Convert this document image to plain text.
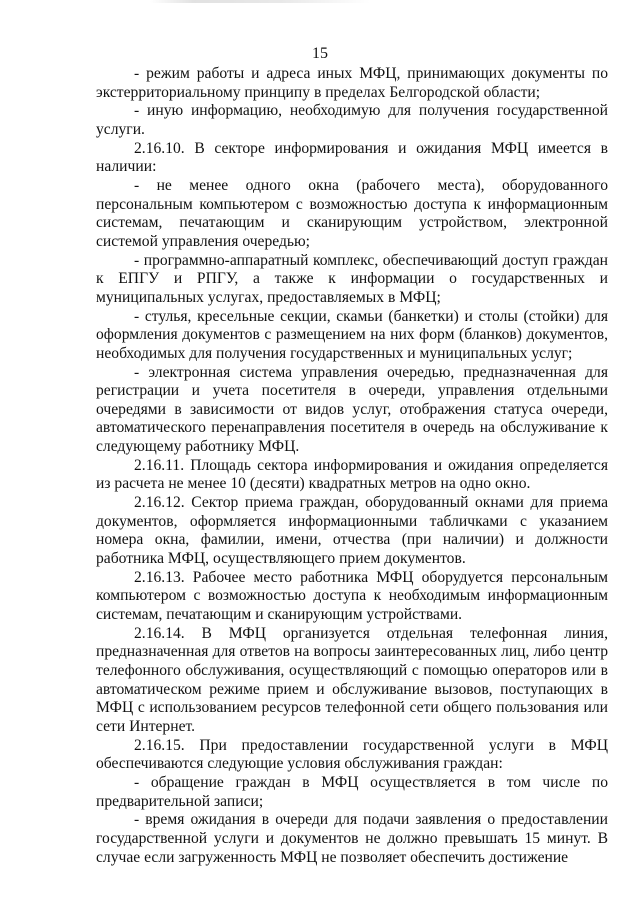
15

- режим работы и адреса иных МФЦ, принимающих документы по экстерриториальному принципу в пределах Белгородской области;

- иную информацию, необходимую для получения государственной услуги.

2.16.10. В секторе информирования и ожидания МФЦ имеется в наличии:

- не менее одного окна (рабочего места), оборудованного персональным компьютером с возможностью доступа к информационным системам, печатающим и сканирующим устройством, электронной системой управления очередью;

- программно-аппаратный комплекс, обеспечивающий доступ граждан к ЕПГУ и РПГУ, а также к информации о государственных и муниципальных услугах, предоставляемых в МФЦ;

- стулья, кресельные секции, скамьи (банкетки) и столы (стойки) для оформления документов с размещением на них форм (бланков) документов, необходимых для получения государственных и муниципальных услуг;

- электронная система управления очередью, предназначенная для регистрации и учета посетителя в очереди, управления отдельными очередями в зависимости от видов услуг, отображения статуса очереди, автоматического перенаправления посетителя в очередь на обслуживание к следующему работнику МФЦ.

2.16.11. Площадь сектора информирования и ожидания определяется из расчета не менее 10 (десяти) квадратных метров на одно окно.

2.16.12. Сектор приема граждан, оборудованный окнами для приема документов, оформляется информационными табличками с указанием номера окна, фамилии, имени, отчества (при наличии) и должности работника МФЦ, осуществляющего прием документов.

2.16.13. Рабочее место работника МФЦ оборудуется персональным компьютером с возможностью доступа к необходимым информационным системам, печатающим и сканирующим устройствами.

2.16.14. В МФЦ организуется отдельная телефонная линия, предназначенная для ответов на вопросы заинтересованных лиц, либо центр телефонного обслуживания, осуществляющий с помощью операторов или в автоматическом режиме прием и обслуживание вызовов, поступающих в МФЦ с использованием ресурсов телефонной сети общего пользования или сети Интернет.

2.16.15. При предоставлении государственной услуги в МФЦ обеспечиваются следующие условия обслуживания граждан:

- обращение граждан в МФЦ осуществляется в том числе по предварительной записи;

- время ожидания в очереди для подачи заявления о предоставлении государственной услуги и документов не должно превышать 15 минут. В случае если загруженность МФЦ не позволяет обеспечить достижение
